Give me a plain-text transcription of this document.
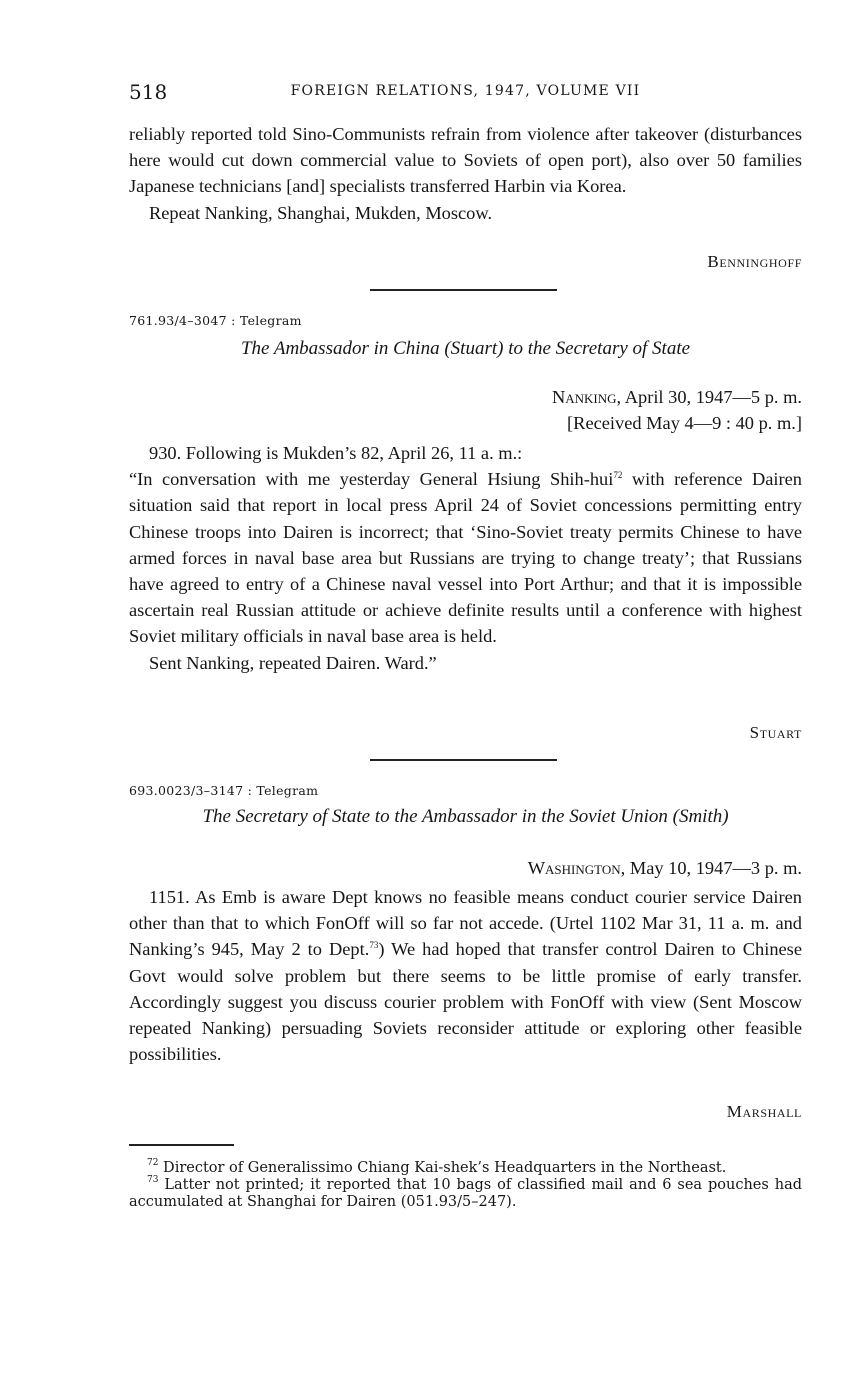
518	FOREIGN RELATIONS, 1947, VOLUME VII

reliably reported told Sino-Communists refrain from violence after takeover (disturbances here would cut down commercial value to Soviets of open port), also over 50 families Japanese technicians [and] specialists transferred Harbin via Korea.

Repeat Nanking, Shanghai, Mukden, Moscow.

Benninghoff
761.93/4–3047 : Telegram
The Ambassador in China (Stuart) to the Secretary of State
Nanking, April 30, 1947—5 p. m.
[Received May 4—9 : 40 p. m.]

930. Following is Mukden’s 82, April 26, 11 a. m.:

“In conversation with me yesterday General Hsiung Shih-hui$^{72}$ with reference Dairen situation said that report in local press April 24 of Soviet concessions permitting entry Chinese troops into Dairen is incorrect; that ‘Sino-Soviet treaty permits Chinese to have armed forces in naval base area but Russians are trying to change treaty’; that Russians have agreed to entry of a Chinese naval vessel into Port Arthur; and that it is impossible ascertain real Russian attitude or achieve definite results until a conference with highest Soviet military officials in naval base area is held.

Sent Nanking, repeated Dairen. Ward.”

Stuart
693.0023/3–3147 : Telegram
The Secretary of State to the Ambassador in the Soviet Union (Smith)
Washington, May 10, 1947—3 p. m.

1151. As Emb is aware Dept knows no feasible means conduct courier service Dairen other than that to which FonOff will so far not accede. (Urtel 1102 Mar 31, 11 a. m. and Nanking’s 945, May 2 to Dept.$^{73}$) We had hoped that transfer control Dairen to Chinese Govt would solve problem but there seems to be little promise of early transfer. Accordingly suggest you discuss courier problem with FonOff with view (Sent Moscow repeated Nanking) persuading Soviets reconsider attitude or exploring other feasible possibilities.

Marshall

$^{72}$ Director of Generalissimo Chiang Kai-shek’s Headquarters in the Northeast.

$^{73}$ Latter not printed; it reported that 10 bags of classified mail and 6 sea pouches had accumulated at Shanghai for Dairen (051.93/5–247).
